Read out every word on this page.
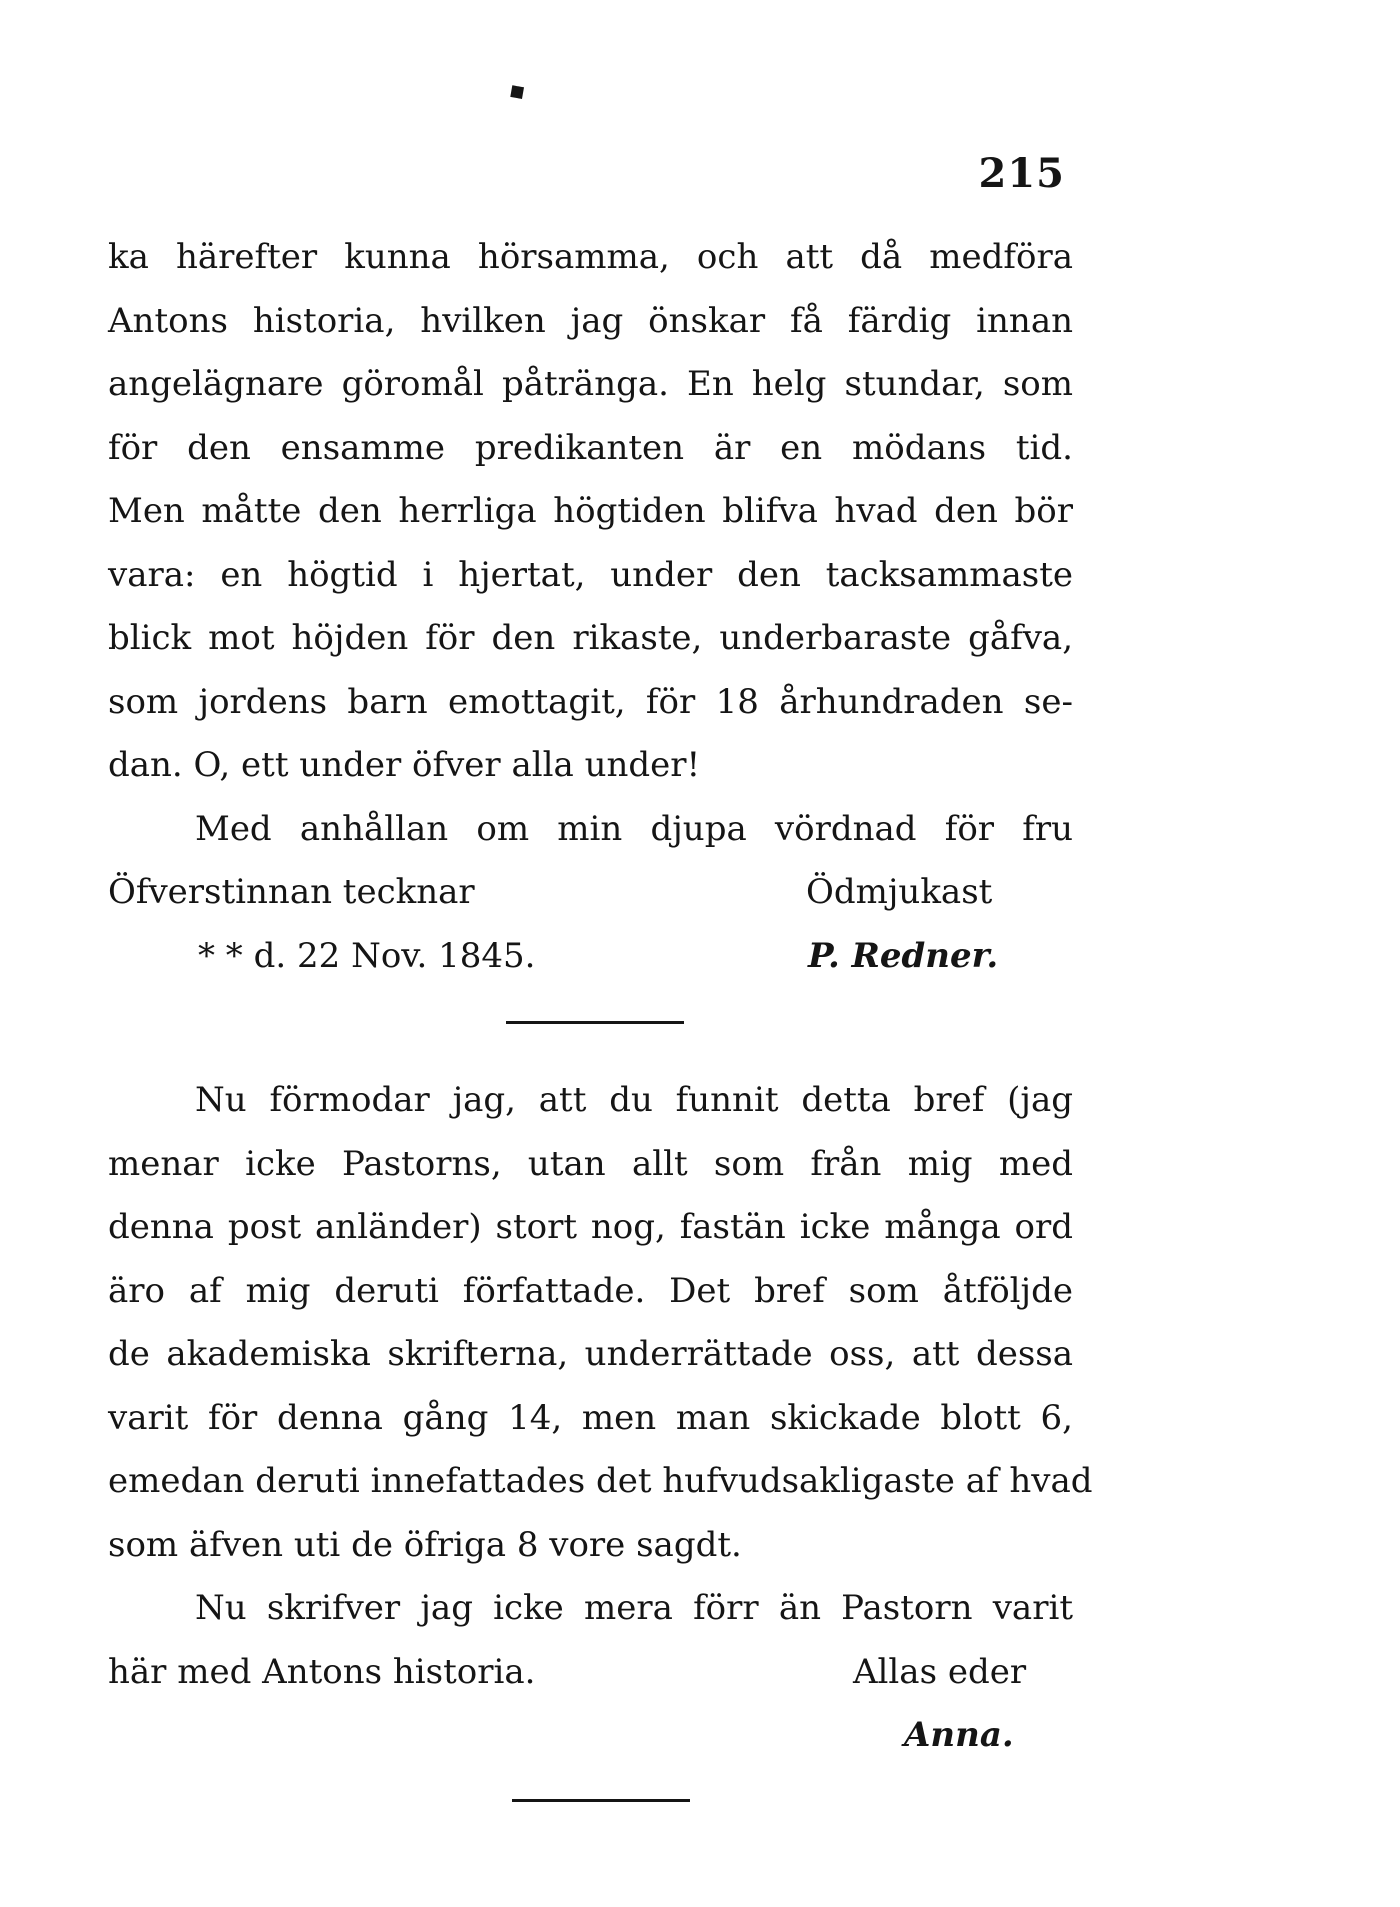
◆
215
ka härefter kunna hörsamma, och att då medföra
Antons historia, hvilken jag önskar få färdig innan
angelägnare göromål påtränga. En helg stundar, som
för den ensamme predikanten är en mödans tid.
Men måtte den herrliga högtiden blifva hvad den bör
vara: en högtid i hjertat, under den tacksammaste
blick mot höjden för den rikaste, underbaraste gåfva,
som jordens barn emottagit, för 18 århundraden se-
dan. O, ett under öfver alla under!
Med anhållan om min djupa vördnad för fru
Öfverstinnan tecknar	Ödmjukast
* * d. 22 Nov. 1845.	P. Redner.
Nu förmodar jag, att du funnit detta bref (jag
menar icke Pastorns, utan allt som från mig med
denna post anländer) stort nog, fastän icke många ord
äro af mig deruti författade. Det bref som åtföljde
de akademiska skrifterna, underrättade oss, att dessa
varit för denna gång 14, men man skickade blott 6,
emedan deruti innefattades det hufvudsakligaste af hvad
som äfven uti de öfriga 8 vore sagdt.
Nu skrifver jag icke mera förr än Pastorn varit
här med Antons historia.	Allas eder
Anna.
